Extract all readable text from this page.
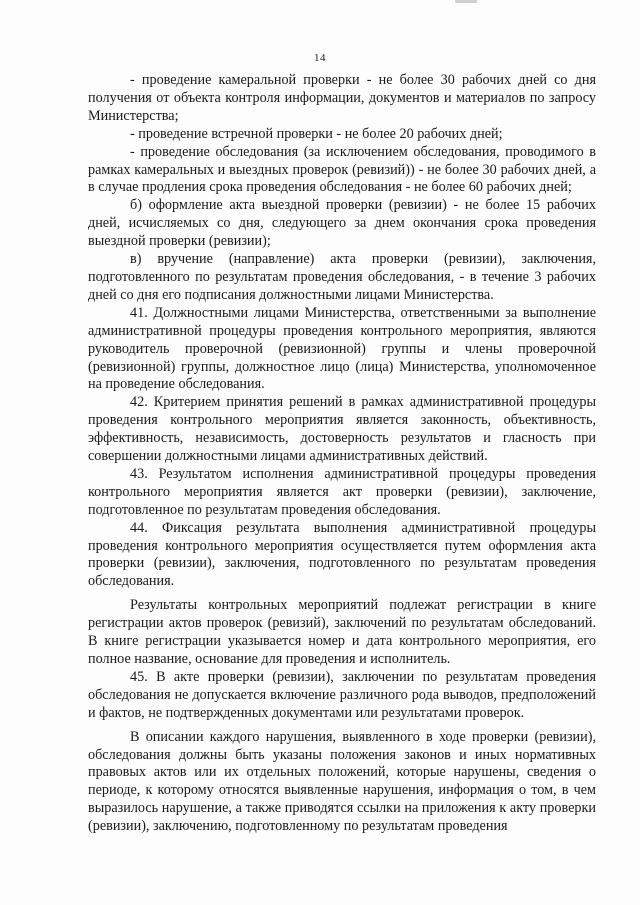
14

- проведение камеральной проверки - не более 30 рабочих дней со дня получения от объекта контроля информации, документов и материалов по запросу Министерства;

- проведение встречной проверки - не более 20 рабочих дней;

- проведение обследования (за исключением обследования, проводимого в рамках камеральных и выездных проверок (ревизий)) - не более 30 рабочих дней, а в случае продления срока проведения обследования - не более 60 рабочих дней;

б) оформление акта выездной проверки (ревизии) - не более 15 рабочих дней, исчисляемых со дня, следующего за днем окончания срока проведения выездной проверки (ревизии);

в) вручение (направление) акта проверки (ревизии), заключения, подготовленного по результатам проведения обследования, - в течение 3 рабочих дней со дня его подписания должностными лицами Министерства.

41. Должностными лицами Министерства, ответственными за выполнение административной процедуры проведения контрольного мероприятия, являются руководитель проверочной (ревизионной) группы и члены проверочной (ревизионной) группы, должностное лицо (лица) Министерства, уполномоченное на проведение обследования.

42. Критерием принятия решений в рамках административной процедуры проведения контрольного мероприятия является законность, объективность, эффективность, независимость, достоверность результатов и гласность при совершении должностными лицами административных действий.

43. Результатом исполнения административной процедуры проведения контрольного мероприятия является акт проверки (ревизии), заключение, подготовленное по результатам проведения обследования.

44. Фиксация результата выполнения административной процедуры проведения контрольного мероприятия осуществляется путем оформления акта проверки (ревизии), заключения, подготовленного по результатам проведения обследования.

Результаты контрольных мероприятий подлежат регистрации в книге регистрации актов проверок (ревизий), заключений по результатам обследований. В книге регистрации указывается номер и дата контрольного мероприятия, его полное название, основание для проведения и исполнитель.

45. В акте проверки (ревизии), заключении по результатам проведения обследования не допускается включение различного рода выводов, предположений и фактов, не подтвержденных документами или результатами проверок.

В описании каждого нарушения, выявленного в ходе проверки (ревизии), обследования должны быть указаны положения законов и иных нормативных правовых актов или их отдельных положений, которые нарушены, сведения о периоде, к которому относятся выявленные нарушения, информация о том, в чем выразилось нарушение, а также приводятся ссылки на приложения к акту проверки (ревизии), заключению, подготовленному по результатам проведения
